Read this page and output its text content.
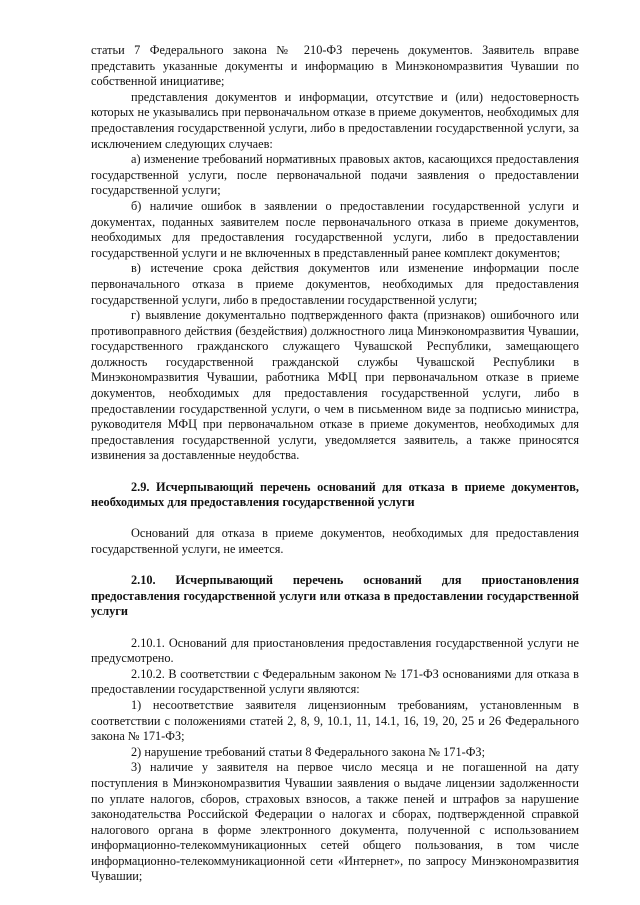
статьи 7 Федерального закона № 210-ФЗ перечень документов. Заявитель вправе представить указанные документы и информацию в Минэкономразвития Чувашии по собственной инициативе;

представления документов и информации, отсутствие и (или) недостоверность которых не указывались при первоначальном отказе в приеме документов, необходимых для предоставления государственной услуги, либо в предоставлении государственной услуги, за исключением следующих случаев:

а) изменение требований нормативных правовых актов, касающихся предоставления государственной услуги, после первоначальной подачи заявления о предоставлении государственной услуги;

б) наличие ошибок в заявлении о предоставлении государственной услуги и документах, поданных заявителем после первоначального отказа в приеме документов, необходимых для предоставления государственной услуги, либо в предоставлении государственной услуги и не включенных в представленный ранее комплект документов;

в) истечение срока действия документов или изменение информации после первоначального отказа в приеме документов, необходимых для предоставления государственной услуги, либо в предоставлении государственной услуги;

г) выявление документально подтвержденного факта (признаков) ошибочного или противоправного действия (бездействия) должностного лица Минэкономразвития Чувашии, государственного гражданского служащего Чувашской Республики, замещающего должность государственной гражданской службы Чувашской Республики в Минэкономразвития Чувашии, работника МФЦ при первоначальном отказе в приеме документов, необходимых для предоставления государственной услуги, либо в предоставлении государственной услуги, о чем в письменном виде за подписью министра, руководителя МФЦ при первоначальном отказе в приеме документов, необходимых для предоставления государственной услуги, уведомляется заявитель, а также приносятся извинения за доставленные неудобства.

2.9. Исчерпывающий перечень оснований для отказа в приеме документов, необходимых для предоставления государственной услуги

Оснований для отказа в приеме документов, необходимых для предоставления государственной услуги, не имеется.

2.10. Исчерпывающий перечень оснований для приостановления предоставления государственной услуги или отказа в предоставлении государственной услуги

2.10.1. Оснований для приостановления предоставления государственной услуги не предусмотрено.

2.10.2. В соответствии с Федеральным законом № 171-ФЗ основаниями для отказа в предоставлении государственной услуги являются:

1) несоответствие заявителя лицензионным требованиям, установленным в соответствии с положениями статей 2, 8, 9, 10.1, 11, 14.1, 16, 19, 20, 25 и 26 Федерального закона № 171-ФЗ;

2) нарушение требований статьи 8 Федерального закона № 171-ФЗ;

3) наличие у заявителя на первое число месяца и не погашенной на дату поступления в Минэкономразвития Чувашии заявления о выдаче лицензии задолженности по уплате налогов, сборов, страховых взносов, а также пеней и штрафов за нарушение законодательства Российской Федерации о налогах и сборах, подтвержденной справкой налогового органа в форме электронного документа, полученной с использованием информационно-телекоммуникационных сетей общего пользования, в том числе информационно-телекоммуникационной сети «Интернет», по запросу Минэкономразвития Чувашии;
